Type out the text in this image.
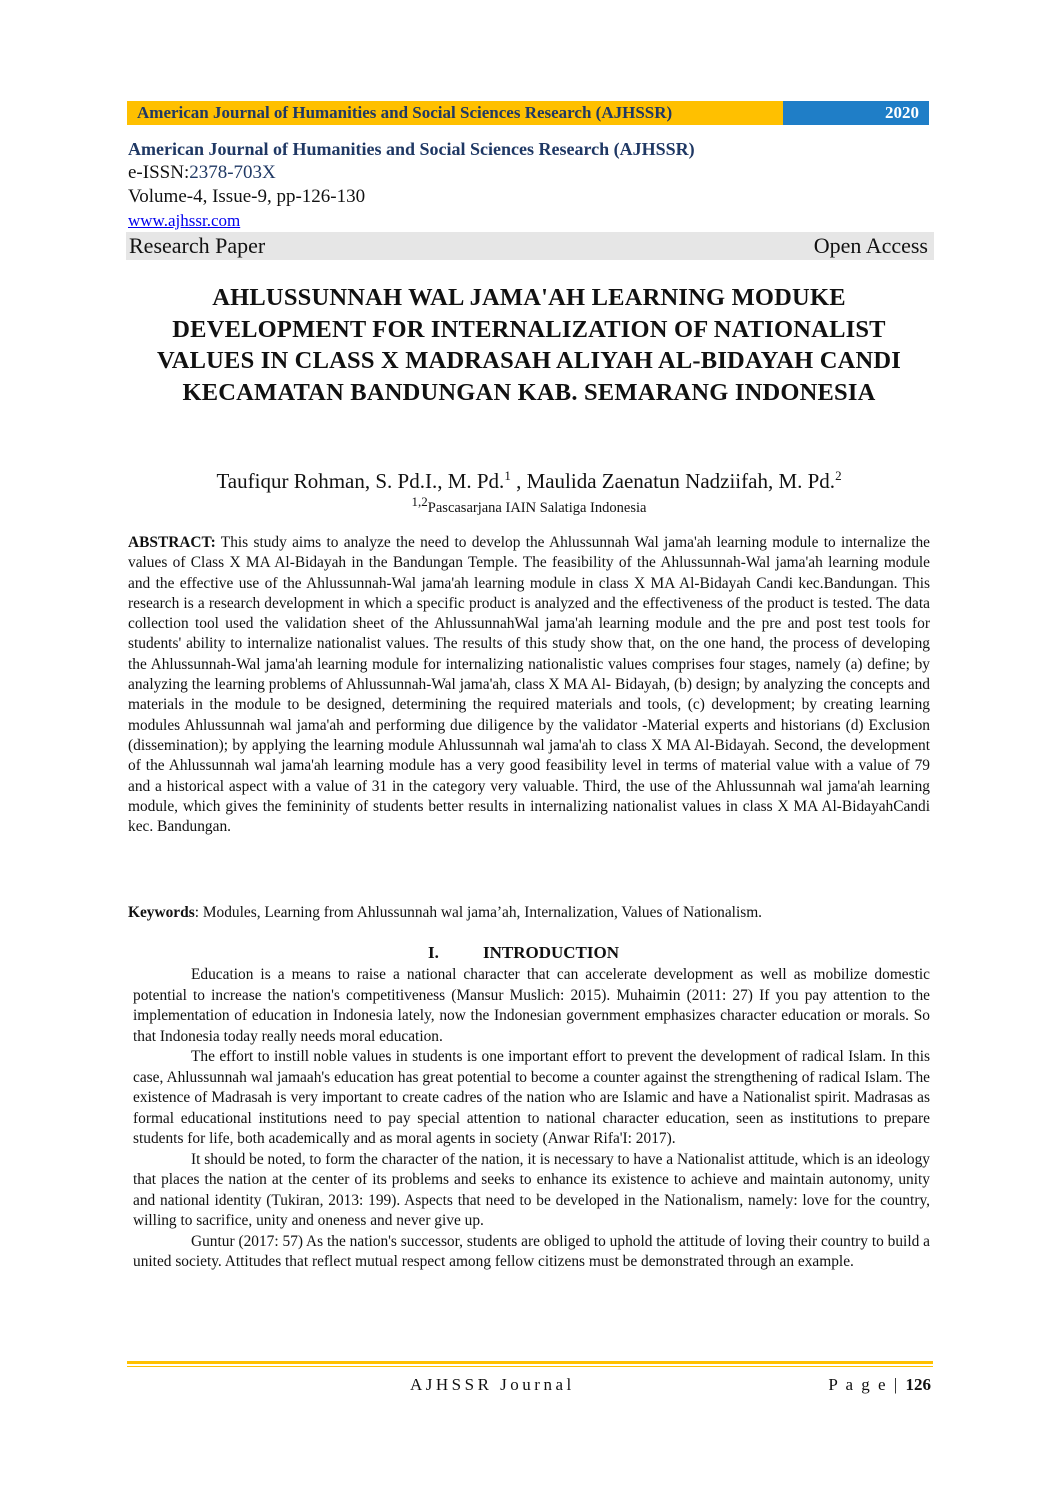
American Journal of Humanities and Social Sciences Research (AJHSSR)	2020
American Journal of Humanities and Social Sciences Research (AJHSSR)
e-ISSN:2378-703X
Volume-4, Issue-9, pp-126-130
www.ajhssr.com
Research Paper	Open Access
AHLUSSUNNAH WAL JAMA'AH LEARNING MODUKE DEVELOPMENT FOR INTERNALIZATION OF NATIONALIST VALUES IN CLASS X MADRASAH ALIYAH AL-BIDAYAH CANDI KECAMATAN BANDUNGAN KAB. SEMARANG INDONESIA
Taufiqur Rohman, S. Pd.I., M. Pd.$^1$ , Maulida Zaenatun Nadziifah, M. Pd.$^2$
$^{1,2}$Pascasarjana IAIN Salatiga Indonesia
ABSTRACT: This study aims to analyze the need to develop the Ahlussunnah Wal jama'ah learning module to internalize the values of Class X MA Al-Bidayah in the Bandungan Temple. The feasibility of the Ahlussunnah-Wal jama'ah learning module and the effective use of the Ahlussunnah-Wal jama'ah learning module in class X MA Al-Bidayah Candi kec.Bandungan. This research is a research development in which a specific product is analyzed and the effectiveness of the product is tested. The data collection tool used the validation sheet of the AhlussunnahWal jama'ah learning module and the pre and post test tools for students' ability to internalize nationalist values. The results of this study show that, on the one hand, the process of developing the Ahlussunnah-Wal jama'ah learning module for internalizing nationalistic values comprises four stages, namely (a) define; by analyzing the learning problems of Ahlussunnah-Wal jama'ah, class X MA Al- Bidayah, (b) design; by analyzing the concepts and materials in the module to be designed, determining the required materials and tools, (c) development; by creating learning modules Ahlussunnah wal jama'ah and performing due diligence by the validator -Material experts and historians (d) Exclusion (dissemination); by applying the learning module Ahlussunnah wal jama'ah to class X MA Al-Bidayah. Second, the development of the Ahlussunnah wal jama'ah learning module has a very good feasibility level in terms of material value with a value of 79 and a historical aspect with a value of 31 in the category very valuable. Third, the use of the Ahlussunnah wal jama'ah learning module, which gives the femininity of students better results in internalizing nationalist values in class X MA Al-BidayahCandi kec. Bandungan.
Keywords: Modules, Learning from Ahlussunnah wal jama’ah, Internalization, Values of Nationalism.
I.	INTRODUCTION

Education is a means to raise a national character that can accelerate development as well as mobilize domestic potential to increase the nation's competitiveness (Mansur Muslich: 2015). Muhaimin (2011: 27) If you pay attention to the implementation of education in Indonesia lately, now the Indonesian government emphasizes character education or morals. So that Indonesia today really needs moral education.

The effort to instill noble values in students is one important effort to prevent the development of radical Islam. In this case, Ahlussunnah wal jamaah's education has great potential to become a counter against the strengthening of radical Islam. The existence of Madrasah is very important to create cadres of the nation who are Islamic and have a Nationalist spirit. Madrasas as formal educational institutions need to pay special attention to national character education, seen as institutions to prepare students for life, both academically and as moral agents in society (Anwar Rifa'I: 2017).

It should be noted, to form the character of the nation, it is necessary to have a Nationalist attitude, which is an ideology that places the nation at the center of its problems and seeks to enhance its existence to achieve and maintain autonomy, unity and national identity (Tukiran, 2013: 199). Aspects that need to be developed in the Nationalism, namely: love for the country, willing to sacrifice, unity and oneness and never give up.

Guntur (2017: 57) As the nation's successor, students are obliged to uphold the attitude of loving their country to build a united society. Attitudes that reflect mutual respect among fellow citizens must be demonstrated through an example.

AJHSSR Journal	P a g e | 126
